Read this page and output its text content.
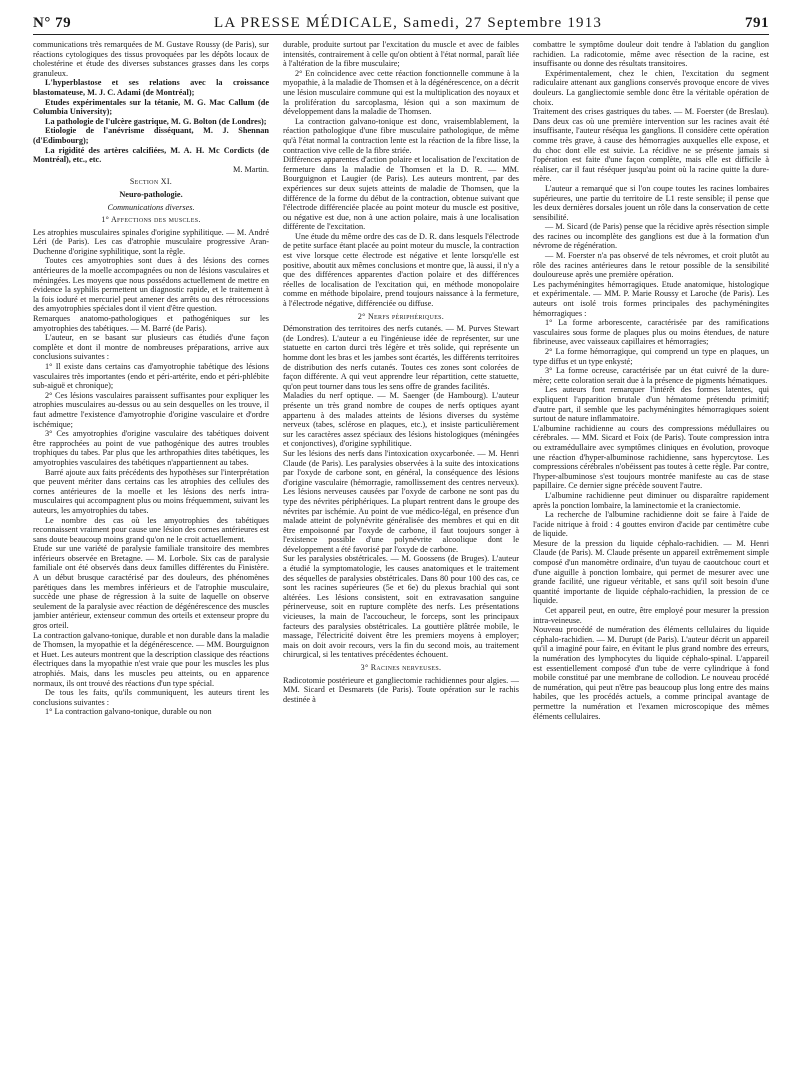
N° 79	LA PRESSE MÉDICALE, Samedi, 27 Septembre 1913	791

communications très remarquées de M. Gustave Roussy (de Paris), sur réactions cytologiques des tissus provoquées par les dépôts locaux de cholestérine et étude des diverses substances grasses dans les corps granuleux.

L'hyperblastose et ses relations avec la croissance blastomateuse, M. J. C. Adami (de Montréal);

Etudes expérimentales sur la tétanie, M. G. Mac Callum (de Columbia University);

La pathologie de l'ulcère gastrique, M. G. Bolton (de Londres);

Etiologie de l'anévrisme disséquant, M. J. Shennan (d'Edimbourg);

La rigidité des artères calcifiées, M. A. H. Mc Cordicts (de Montréal), etc., etc.

M. Martin.

Section XI.

Neuro-pathologie.

Communications diverses.

1° Affections des muscles.

Les atrophies musculaires spinales d'origine syphilitique. — M. André Léri (de Paris). Les cas d'atrophie musculaire progressive Aran-Duchenne d'origine syphilitique, sont la règle.

Toutes ces amyotrophies sont dues à des lésions des cornes antérieures de la moelle accompagnées ou non de lésions vasculaires et méningées. Les moyens que nous possédons actuellement de mettre en évidence la syphilis permettent un diagnostic rapide, et le traitement à la fois ioduré et mercuriel peut amener des arrêts ou des rétrocessions des amyotrophies spéciales dont il vient d'être question.

Remarques anatomo-pathologiques et pathogéniques sur les amyotrophies des tabétiques. — M. Barré (de Paris).

L'auteur, en se basant sur plusieurs cas étudiés d'une façon complète et dont il montre de nombreuses préparations, arrive aux conclusions suivantes :

1° Il existe dans certains cas d'amyotrophie tabétique des lésions vasculaires très importantes (endo et péri-artérite, endo et péri-phlébite sub-aiguë et chronique);

2° Ces lésions vasculaires paraissent suffisantes pour expliquer les atrophies musculaires au-dessus ou au sein desquelles on les trouve, il faut admettre l'existence d'amyotrophie d'origine vasculaire et d'ordre ischémique;

3° Ces amyotrophies d'origine vasculaire des tabétiques doivent être rapprochées au point de vue pathogénique des autres troubles trophiques du tabes. Par plus que les arthropathies dites tabétiques, les amyotrophies vasculaires des tabétiques n'appartiennent au tabes.

Barré ajoute aux faits précédents des hypothèses sur l'interprétation que peuvent mériter dans certains cas les atrophies des cellules des cornes antérieures de la moelle et les lésions des nerfs intra-musculaires qui accompagnent plus ou moins fréquemment, suivant les auteurs, les amyotrophies du tabes.

Le nombre des cas où les amyotrophies des tabétiques reconnaissent vraiment pour cause une lésion des cornes antérieures est sans doute beaucoup moins grand qu'on ne le croit actuellement.

Etude sur une variété de paralysie familiale transitoire des membres inférieurs observée en Bretagne. — M. Lorbole. Six cas de paralysie familiale ont été observés dans deux familles différentes du Finistère. A un début brusque caractérisé par des douleurs, des phénomènes parétiques dans les membres inférieurs et de l'atrophie musculaire, succède une phase de régression à la suite de laquelle on observe seulement de la paralysie avec réaction de dégénérescence des muscles jambier antérieur, extenseur commun des orteils et extenseur propre du gros orteil.

La contraction galvano-tonique, durable et non durable dans la maladie de Thomsen, la myopathie et la dégénérescence. — MM. Bourguignon et Huet. Les auteurs montrent que la description classique des réactions électriques dans la myopathie n'est vraie que pour les muscles les plus atrophiés. Mais, dans les muscles peu atteints, ou en apparence normaux, ils ont trouvé des réactions d'un type spécial.

De tous les faits, qu'ils communiquent, les auteurs tirent les conclusions suivantes :

1° La contraction galvano-tonique, durable ou non

durable, produite surtout par l'excitation du muscle et avec de faibles intensités, contrairement à celle qu'on obtient à l'état normal, paraît liée à l'altération de la fibre musculaire;

2° En coïncidence avec cette réaction fonctionnelle commune à la myopathie, à la maladie de Thomsen et à la dégénérescence, on a décrit une lésion musculaire commune qui est la multiplication des noyaux et la prolifération du sarcoplasma, lésion qui a son maximum de développement dans la maladie de Thomsen.

La contraction galvano-tonique est donc, vraisemblablement, la réaction pathologique d'une fibre musculaire pathologique, de même qu'à l'état normal la contraction lente est la réaction de la fibre lisse, la contraction vive celle de la fibre striée.

Différences apparentes d'action polaire et localisation de l'excitation de fermeture dans la maladie de Thomsen et la D. R. — MM. Bourguignon et Laugier (de Paris). Les auteurs montrent, par des expériences sur deux sujets atteints de maladie de Thomsen, que la différence de la forme du début de la contraction, obtenue suivant que l'électrode différenciée placée au point moteur du muscle est positive, ou négative est due, non à une action polaire, mais à une localisation différente de l'excitation.

Une étude du même ordre des cas de D. R. dans lesquels l'électrode de petite surface étant placée au point moteur du muscle, la contraction est vive lorsque cette électrode est négative et lente lorsqu'elle est positive, aboutit aux mêmes conclusions et montre que, là aussi, il n'y a que des différences apparentes d'action polaire et des différences réelles de localisation de l'excitation qui, en méthode monopolaire comme en méthode bipolaire, prend toujours naissance à la fermeture, à l'électrode négative, différenciée ou diffuse.

2° Nerfs périphériques.

Démonstration des territoires des nerfs cutanés. — M. Purves Stewart (de Londres). L'auteur a eu l'ingénieuse idée de représenter, sur une statuette en carton durci très légère et très solide, qui représente un homme dont les bras et les jambes sont écartés, les différents territoires de distribution des nerfs cutanés. Toutes ces zones sont colorées de façon différente. A qui veut apprendre leur répartition, cette statuette, qu'on peut tourner dans tous les sens offre de grandes facilités.

Maladies du nerf optique. — M. Saenger (de Hambourg). L'auteur présente un très grand nombre de coupes de nerfs optiques ayant appartenu à des malades atteints de lésions diverses du système nerveux (tabes, sclérose en plaques, etc.), et insiste particulièrement sur les caractères assez spéciaux des lésions histologiques (méningées et conjonctives), d'origine syphilitique.

Sur les lésions des nerfs dans l'intoxication oxycarbonée. — M. Henri Claude (de Paris). Les paralysies observées à la suite des intoxications par l'oxyde de carbone sont, en général, la conséquence des lésions d'origine vasculaire (hémorragie, ramollissement des centres nerveux). Les lésions nerveuses causées par l'oxyde de carbone ne sont pas du type des névrites périphériques. La plupart rentrent dans le groupe des névrites par ischémie. Au point de vue médico-légal, en présence d'un malade atteint de polynévrite généralisée des membres et qui en dit être empoisonné par l'oxyde de carbone, il faut toujours songer à l'existence possible d'une polynévrite alcoolique dont le développement a été favorisé par l'oxyde de carbone.

Sur les paralysies obstétricales. — M. Goossens (de Bruges). L'auteur a étudié la symptomatologie, les causes anatomiques et le traitement des séquelles de paralysies obstétricales. Dans 80 pour 100 des cas, ce sont les racines supérieures (5e et 6e) du plexus brachial qui sont altérées. Les lésions consistent, soit en extravasation sanguine périnerveuse, soit en rupture complète des nerfs. Les présentations vicieuses, la main de l'accoucheur, le forceps, sont les principaux facteurs des paralysies obstétricales. La gouttière plâtrée mobile, le massage, l'électricité doivent être les premiers moyens à employer; mais on doit avoir recours, vers la fin du second mois, au traitement chirurgical, si les tentatives précédentes échouent.

3° Racines nerveuses.

Radicotomie postérieure et gangliectomie rachidiennes pour algies. — MM. Sicard et Desmarets (de Paris). Toute opération sur le rachis destinée à

combattre le symptôme douleur doit tendre à l'ablation du ganglion rachidien. La radicotomie, même avec résection de la racine, est insuffisante ou donne des résultats transitoires.

Expérimentalement, chez le chien, l'excitation du segment radiculaire attenant aux ganglions conservés provoque encore de vives douleurs. La gangliectomie semble donc être la véritable opération de choix.

Traitement des crises gastriques du tabes. — M. Foerster (de Breslau). Dans deux cas où une première intervention sur les racines avait été insuffisante, l'auteur réséqua les ganglions. Il considère cette opération comme très grave, à cause des hémorragies auxquelles elle expose, et du choc dont elle est suivie. La récidive ne se présente jamais si l'opération est faite d'une façon complète, mais elle est difficile à réaliser, car il faut réséquer jusqu'au point où la racine quitte la dure-mère.

L'auteur a remarqué que si l'on coupe toutes les racines lombaires supérieures, une partie du territoire de L1 reste sensible; il pense que les deux dernières dorsales jouent un rôle dans la conservation de cette sensibilité.

— M. Sicard (de Paris) pense que la récidive après résection simple des racines ou incomplète des ganglions est due à la formation d'un névrome de régénération.

— M. Foerster n'a pas observé de tels névromes, et croit plutôt au rôle des racines antérieures dans le retour possible de la sensibilité douloureuse après une première opération.

Les pachyméningites hémorragiques. Etude anatomique, histologique et expérimentale. — MM. P. Marie Roussy et Laroche (de Paris). Les auteurs ont isolé trois formes principales des pachyméningites hémorragiques :

1° La forme arborescente, caractérisée par des ramifications vasculaires sous forme de plaques plus ou moins étendues, de nature fibrineuse, avec vaisseaux capillaires et hémorragies;

2° La forme hémorragique, qui comprend un type en plaques, un type diffus et un type enkysté;

3° La forme ocreuse, caractérisée par un état cuivré de la dure-mère; cette coloration serait due à la présence de pigments hématiques.

Les auteurs font remarquer l'intérêt des formes latentes, qui expliquent l'apparition brutale d'un hématome prétendu primitif; d'autre part, il semble que les pachyméningites hémorragiques soient surtout de nature inflammatoire.

L'albumine rachidienne au cours des compressions médullaires ou cérébrales. — MM. Sicard et Foix (de Paris). Toute compression intra ou extramédullaire avec symptômes cliniques en évolution, provoque une réaction d'hyper-albuminose rachidienne, sans hypercytose. Les compressions cérébrales n'obéissent pas toutes à cette règle. Par contre, l'hyper-albuminose s'est toujours montrée manifeste au cas de stase papillaire. Ce dernier signe précède souvent l'autre.

L'albumine rachidienne peut diminuer ou disparaître rapidement après la ponction lombaire, la laminectomie et la craniectomie.

La recherche de l'albumine rachidienne doit se faire à l'aide de l'acide nitrique à froid : 4 gouttes environ d'acide par centimètre cube de liquide.

Mesure de la pression du liquide céphalo-rachidien. — M. Henri Claude (de Paris). M. Claude présente un appareil extrêmement simple composé d'un manomètre ordinaire, d'un tuyau de caoutchouc court et d'une aiguille à ponction lombaire, qui permet de mesurer avec une grande facilité, une rigueur véritable, et sans qu'il soit besoin d'une quantité importante de liquide céphalo-rachidien, la pression de ce liquide.

Cet appareil peut, en outre, être employé pour mesurer la pression intra-veineuse.

Nouveau procédé de numération des éléments cellulaires du liquide céphalo-rachidien. — M. Durupt (de Paris). L'auteur décrit un appareil qu'il a imaginé pour faire, en évitant le plus grand nombre des erreurs, la numération des lymphocytes du liquide céphalo-spinal. L'appareil est essentiellement composé d'un tube de verre cylindrique à fond mobile constitué par une membrane de collodion. Le nouveau procédé de numération, qui peut n'être pas beaucoup plus long entre des mains habiles, que les procédés actuels, a comme principal avantage de permettre la numération et l'examen microscopique des mêmes éléments cellulaires.
